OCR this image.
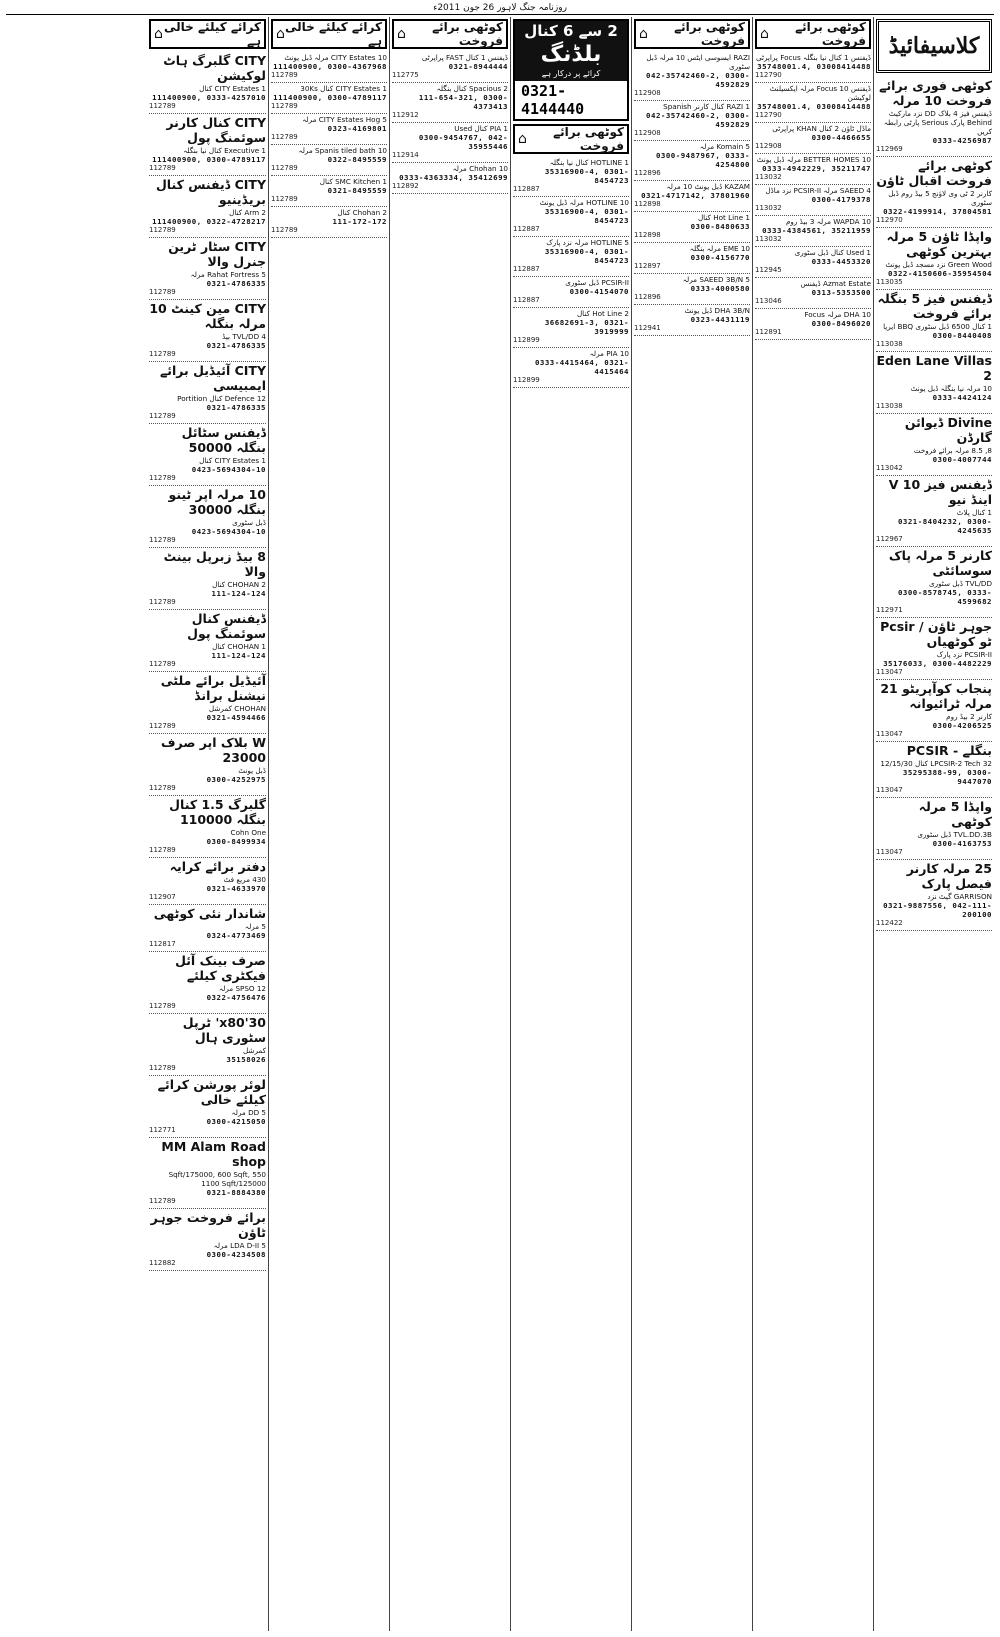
روزنامہ جنگ لاہور 26 جون 2011ء
کلاسیفائیڈ
کوٹھی فوری برائے فروخت 10 مرلہ
ڈیفنس فیز 4 بلاک DD نزد مارکیٹ Behind پارک Serious پارٹی رابطہ کریں
0333-4256987
112969
کوٹھی برائے فروخت اقبال ٹاؤن
کارنر 2 ٹی وی لاؤنج 5 بیڈ روم ڈبل سٹوری
0322-4199914, 37804581
112970
واپڈا ٹاؤن 5 مرلہ بہترین کوٹھی
Green Wood نزد مسجد ڈبل یونٹ
0322-4150606-35954504
113035
ڈیفنس فیز 5 بنگلہ برائے فروخت
1 کنال 6500 ڈبل سٹوری BBQ ایریا
0300-8440408
113038
Eden Lane Villas 2
10 مرلہ نیا بنگلہ ڈبل یونٹ
0333-4424124
113038
Divine ڈیوائن گارڈن
8, 8.5 مرلہ برائے فروخت
0300-4007744
113042
ڈیفنس فیز 10 V اینڈ نیو
1 کنال پلاٹ
0321-8404232, 0300-4245635
112967
کارنر 5 مرلہ پاک سوسائٹی
TVL/DD ڈبل سٹوری
0300-8578745, 0333-4599682
112971
جوہر ٹاؤن / Pcsir ٹو کوٹھیاں
PCSIR-II نزد پارک
35176033, 0300-4482229
113047
پنجاب کوآپریٹو 21 مرلہ ٹرائیوانہ
کارنر 2 بیڈ روم
0300-4206525
113047
بنگلے - PCSIR
LPCSIR-2 Tech 32 کنال 12/15/30
35295388-99, 0300-9447070
113047
واپڈا 5 مرلہ کوٹھی
TVL.DD.3B ڈبل سٹوری
0300-4163753
113047
25 مرلہ کارنر فیصل پارک
GARRISON گیٹ نزد
0321-9887556, 042-111-200100
112422
کوٹھی برائے فروخت
⌂
ڈیفنس 1 کنال نیا بنگلہ Focus پراپرٹی
35748001.4, 03008414488
112790
ڈیفنس Focus 10 مرلہ ایکسیلنٹ لوکیشن
35748001.4, 03008414488
112790
ماڈل ٹاؤن 2 کنال KHAN پراپرٹی
0300-4466655
112908
BETTER HOMES 10 مرلہ ڈبل یونٹ
0333-4942229, 35211747
113032
SAEED 4 مرلہ PCSIR-II نزد ماڈل
0300-4179378
113032
WAPDA 10 مرلہ 3 بیڈ روم
0333-4384561, 35211959
113032
Used 1 کنال ڈبل سٹوری
0333-4453320
112945
Azmat Estate ڈیفنس
0313-5353500
113046
DHA 10 مرلہ Focus
0300-8496020
112891
کوٹھی برائے فروخت
⌂
RAZI ایسوسی ایٹس 10 مرلہ ڈبل سٹوری
042-35742460-2, 0300-4592829
112908
RAZI 1 کنال کارنر Spanish
042-35742460-2, 0300-4592829
112908
Komain 5 مرلہ
0300-9487967, 0333-4254800
112896
KAZAM ڈبل یونٹ 10 مرلہ
0321-4717142, 37801960
112898
Hot Line 1 کنال
0300-8480633
112898
EME 10 مرلہ بنگلہ
0300-4156770
112897
SAEED 3B/N 5 مرلہ
0333-4000580
112896
DHA 3B/N ڈبل یونٹ
0323-4431119
112941
2 سے 6 کنال
بلڈنگ
کرائے پر درکار ہے
0321-4144440
کوٹھی برائے فروخت
⌂
HOTLINE 1 کنال نیا بنگلہ
35316900-4, 0301-8454723
112887
HOTLINE 10 مرلہ ڈبل یونٹ
35316900-4, 0301-8454723
112887
HOTLINE 5 مرلہ نزد پارک
35316900-4, 0301-8454723
112887
PCSIR-II ڈبل سٹوری
0300-4154070
112887
Hot Line 2 کنال
36682691-3, 0321-3919999
112899
PIA 10 مرلہ
0333-4415464, 0321-4415464
112899
کوٹھی برائے فروخت
⌂
ڈیفنس 1 کنال FAST پراپرٹی
0321-8944444
112775
Spacious 2 کنال بنگلہ
111-654-321, 0300-4373413
112912
PIA 1 کنال Used
0300-9454767, 042-35955446
112914
Chohan 10 مرلہ
0333-4363334, 35412699
112892
کرائے کیلئے خالی ہے
⌂
CITY Estates 10 مرلہ ڈبل یونٹ
111400900, 0300-4367968
112789
CITY Estates 1 کنال 30Ks
111400900, 0300-4789117
112789
CITY Estates Hog 5 مرلہ
0323-4169801
112789
Spanis tiled bath 10 مرلہ
0322-8495559
112789
SMC Kitchen 1 کنال
0321-8495559
112789
Chohan 2 کنال
111-172-172
112789
کرائے کیلئے خالی ہے
⌂
CITY گلبرگ ہاٹ لوکیشن
CITY Estates 1 کنال
111400900, 0333-4257010
112789
CITY کنال کارنر سوئمنگ پول
Executive 1 کنال نیا بنگلہ
111400900, 0300-4789117
112789
CITY ڈیفنس کنال بریڈینیو
Arm 2 کنال
111400900, 0322-4728217
112789
CITY سٹار ٹرین جنرل والا
Rahat Fortress 5 مرلہ
0321-4786335
112789
CITY مین کینٹ 10 مرلہ بنگلہ
TVL/DD 4 بیڈ
0321-4786335
112789
CITY آئیڈیل برائے ایمبیسی
Defence 12 کنال Portition
0321-4786335
112789
ڈیفنس سٹائل بنگلہ 50000
CITY Estates 1 کنال
0423-5694304-10
112789
10 مرلہ اپر ٹینو بنگلہ 30000
ڈبل سٹوری
0423-5694304-10
112789
8 بیڈ زبرپل بینٹ والا
CHOHAN 2 کنال
111-124-124
112789
ڈیفنس کنال سوئمنگ پول
CHOHAN 1 کنال
111-124-124
112789
آئیڈیل برائے ملٹی نیشنل برانڈ
CHOHAN کمرشل
0321-4594466
112789
W بلاک اپر صرف 23000
ڈبل یونٹ
0300-4252975
112789
گلبرگ 1.5 کنال بنگلہ 110000
Cohn One
0300-8499934
112789
دفتر برائے کرایہ
430 مربع فٹ
0321-4633970
112907
شاندار نئی کوٹھی
5 مرلہ
0324-4773469
112817
صرف بینک آئل فیکٹری کیلئے
SPSO 12 مرلہ
0322-4756476
112789
30'x80' ٹرپل سٹوری ہال
کمرشل
35158026
112789
لوئر پورشن کرائے کیلئے خالی
DD 5 مرلہ
0300-4215050
112771
MM Alam Road shop
550 Sqft/175000, 600 Sqft, 1100 Sqft/125000
0321-8884380
112789
برائے فروخت جوہر ٹاؤن
LDA D-II 5 مرلہ
0300-4234508
112882
